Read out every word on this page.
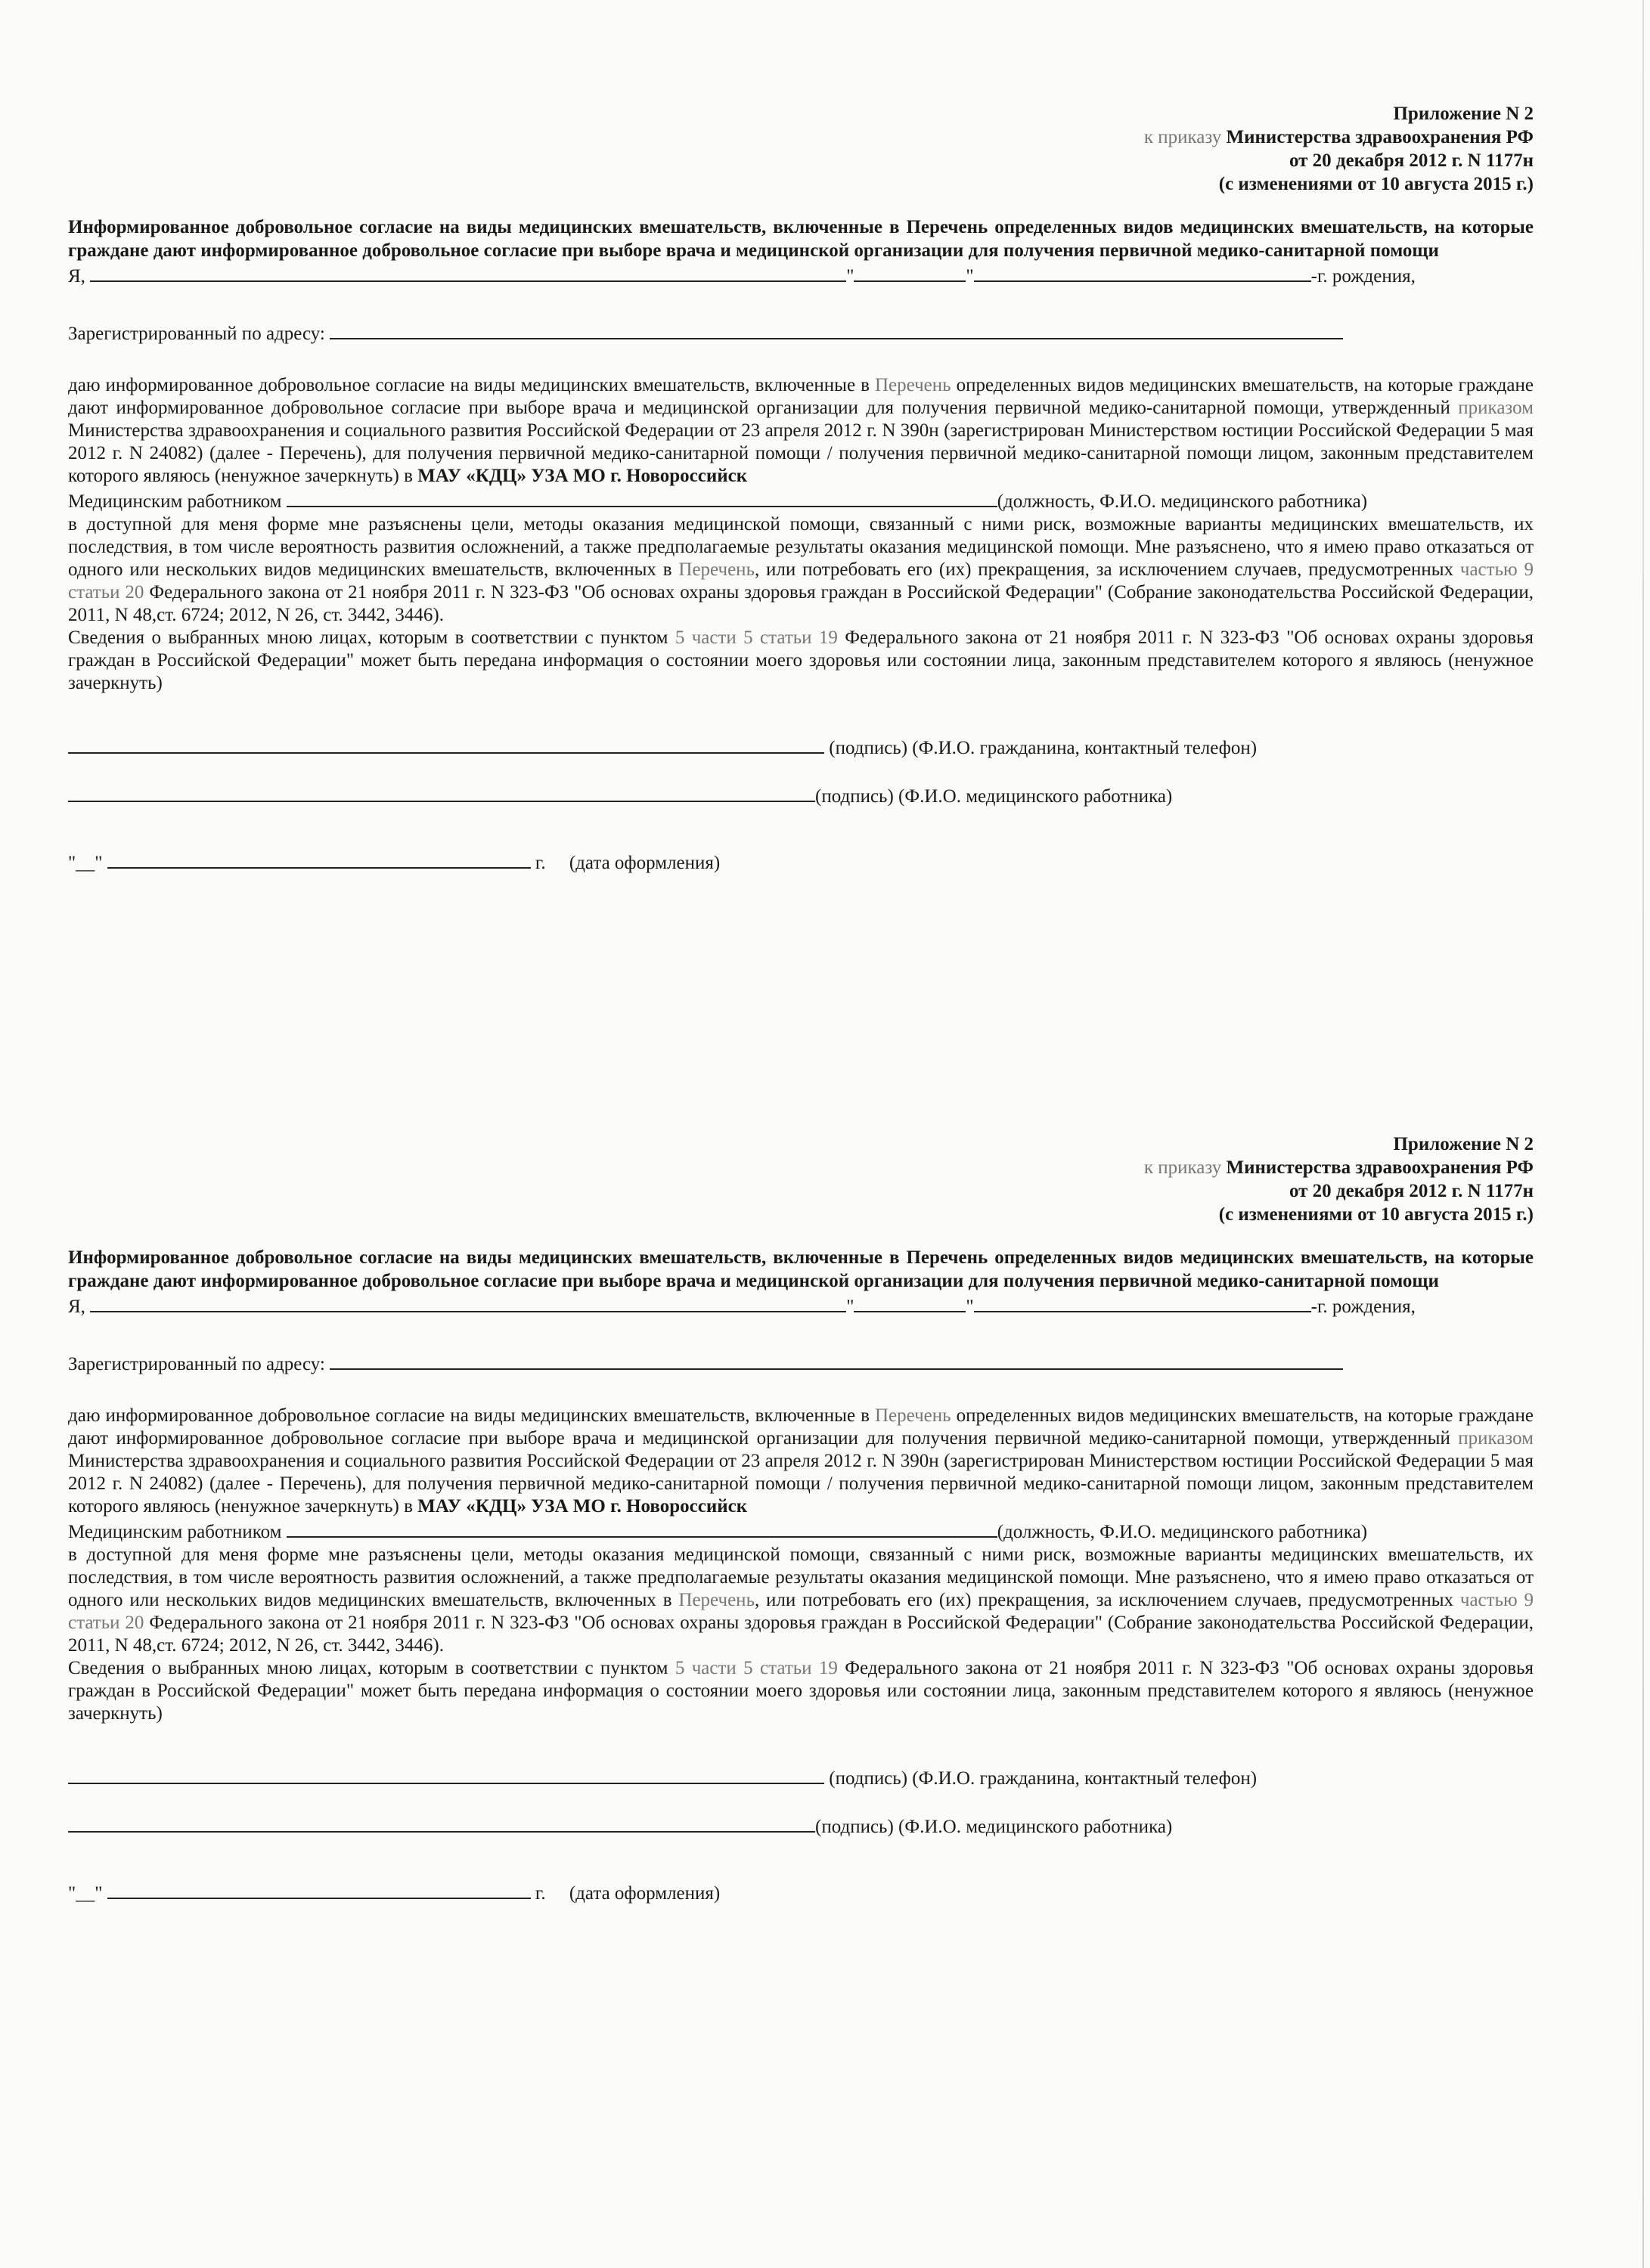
Приложение N 2
к приказу Министерства здравоохранения РФ
от 20 декабря 2012 г. N 1177н
(с изменениями от 10 августа 2015 г.)
Информированное добровольное согласие на виды медицинских вмешательств, включенные в Перечень определенных видов медицинских вмешательств, на которые граждане дают информированное добровольное согласие при выборе врача и медицинской организации для получения первичной медико-санитарной помощи
Я,	"	"	-г. рождения,
Зарегистрированный по адресу:
даю информированное добровольное согласие на виды медицинских вмешательств, включенные в Перечень определенных видов медицинских вмешательств, на которые граждане дают информированное добровольное согласие при выборе врача и медицинской организации для получения первичной медико-санитарной помощи, утвержденный приказом Министерства здравоохранения и социального развития Российской Федерации от 23 апреля 2012 г. N 390н (зарегистрирован Министерством юстиции Российской Федерации 5 мая 2012 г. N 24082) (далее - Перечень), для получения первичной медико-санитарной помощи / получения первичной медико-санитарной помощи лицом, законным представителем которого являюсь (ненужное зачеркнуть) в МАУ «КДЦ» УЗА МО г. Новороссийск
Медицинским работником	(должность, Ф.И.О. медицинского работника)
в доступной для меня форме мне разъяснены цели, методы оказания медицинской помощи, связанный с ними риск, возможные варианты медицинских вмешательств, их последствия, в том числе вероятность развития осложнений, а также предполагаемые результаты оказания медицинской помощи. Мне разъяснено, что я имею право отказаться от одного или нескольких видов медицинских вмешательств, включенных в Перечень, или потребовать его (их) прекращения, за исключением случаев, предусмотренных частью 9 статьи 20 Федерального закона от 21 ноября 2011 г. N 323-ФЗ "Об основах охраны здоровья граждан в Российской Федерации" (Собрание законодательства Российской Федерации, 2011, N 48,ст. 6724; 2012, N 26, ст. 3442, 3446).
Сведения о выбранных мною лицах, которым в соответствии с пунктом 5 части 5 статьи 19 Федерального закона от 21 ноября 2011 г. N 323-ФЗ "Об основах охраны здоровья граждан в Российской Федерации" может быть передана информация о состоянии моего здоровья или состоянии лица, законным представителем которого я являюсь (ненужное зачеркнуть)
(подпись) (Ф.И.О. гражданина, контактный телефон)
(подпись) (Ф.И.О. медицинского работника)
"__"	г. (дата оформления)
Приложение N 2
к приказу Министерства здравоохранения РФ
от 20 декабря 2012 г. N 1177н
(с изменениями от 10 августа 2015 г.)
Информированное добровольное согласие на виды медицинских вмешательств, включенные в Перечень определенных видов медицинских вмешательств, на которые граждане дают информированное добровольное согласие при выборе врача и медицинской организации для получения первичной медико-санитарной помощи
Я,	"	"	-г. рождения,
Зарегистрированный по адресу:
даю информированное добровольное согласие на виды медицинских вмешательств, включенные в Перечень определенных видов медицинских вмешательств, на которые граждане дают информированное добровольное согласие при выборе врача и медицинской организации для получения первичной медико-санитарной помощи, утвержденный приказом Министерства здравоохранения и социального развития Российской Федерации от 23 апреля 2012 г. N 390н (зарегистрирован Министерством юстиции Российской Федерации 5 мая 2012 г. N 24082) (далее - Перечень), для получения первичной медико-санитарной помощи / получения первичной медико-санитарной помощи лицом, законным представителем которого являюсь (ненужное зачеркнуть) в МАУ «КДЦ» УЗА МО г. Новороссийск
Медицинским работником	(должность, Ф.И.О. медицинского работника)
в доступной для меня форме мне разъяснены цели, методы оказания медицинской помощи, связанный с ними риск, возможные варианты медицинских вмешательств, их последствия, в том числе вероятность развития осложнений, а также предполагаемые результаты оказания медицинской помощи. Мне разъяснено, что я имею право отказаться от одного или нескольких видов медицинских вмешательств, включенных в Перечень, или потребовать его (их) прекращения, за исключением случаев, предусмотренных частью 9 статьи 20 Федерального закона от 21 ноября 2011 г. N 323-ФЗ "Об основах охраны здоровья граждан в Российской Федерации" (Собрание законодательства Российской Федерации, 2011, N 48,ст. 6724; 2012, N 26, ст. 3442, 3446).
Сведения о выбранных мною лицах, которым в соответствии с пунктом 5 части 5 статьи 19 Федерального закона от 21 ноября 2011 г. N 323-ФЗ "Об основах охраны здоровья граждан в Российской Федерации" может быть передана информация о состоянии моего здоровья или состоянии лица, законным представителем которого я являюсь (ненужное зачеркнуть)
(подпись) (Ф.И.О. гражданина, контактный телефон)
(подпись) (Ф.И.О. медицинского работника)
"__"	г. (дата оформления)
